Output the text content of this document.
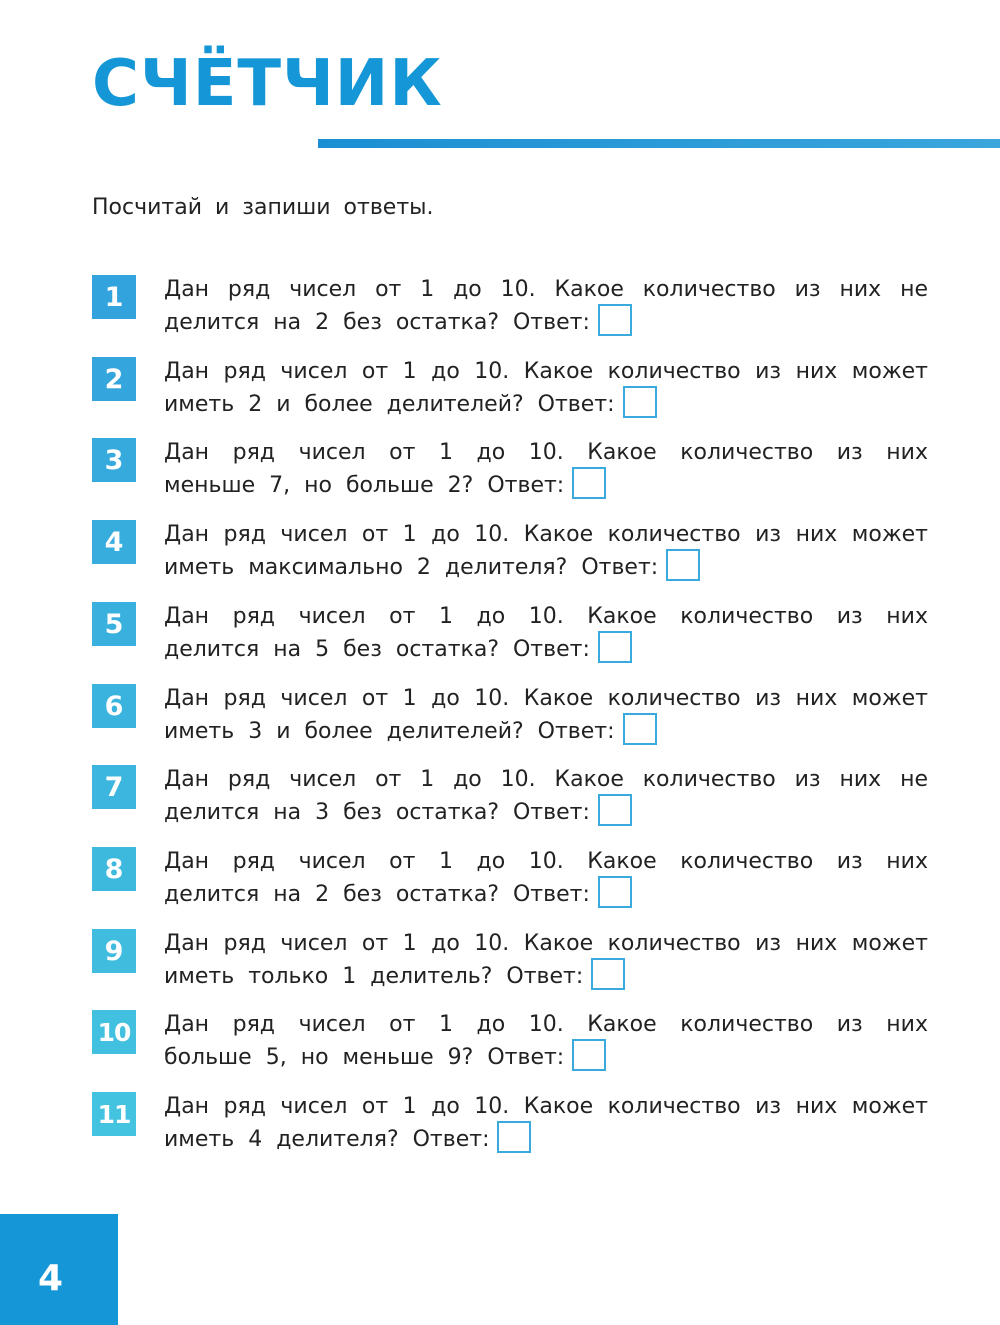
СЧЁТЧИК
Посчитай и запиши ответы.
1	Дан ряд чисел от 1 до 10. Какое количество из них не делится на 2 без остатка? Ответ:
2	Дан ряд чисел от 1 до 10. Какое количество из них может иметь 2 и более делителей? Ответ:
3	Дан ряд чисел от 1 до 10. Какое количество из них меньше 7, но больше 2? Ответ:
4	Дан ряд чисел от 1 до 10. Какое количество из них может иметь максимально 2 делителя? Ответ:
5	Дан ряд чисел от 1 до 10. Какое количество из них делится на 5 без остатка? Ответ:
6	Дан ряд чисел от 1 до 10. Какое количество из них может иметь 3 и более делителей? Ответ:
7	Дан ряд чисел от 1 до 10. Какое количество из них не делится на 3 без остатка? Ответ:
8	Дан ряд чисел от 1 до 10. Какое количество из них делится на 2 без остатка? Ответ:
9	Дан ряд чисел от 1 до 10. Какое количество из них может иметь только 1 делитель? Ответ:
10 Дан ряд чисел от 1 до 10. Какое количество из них больше 5, но меньше 9? Ответ:
11 Дан ряд чисел от 1 до 10. Какое количество из них может иметь 4 делителя? Ответ:
4
